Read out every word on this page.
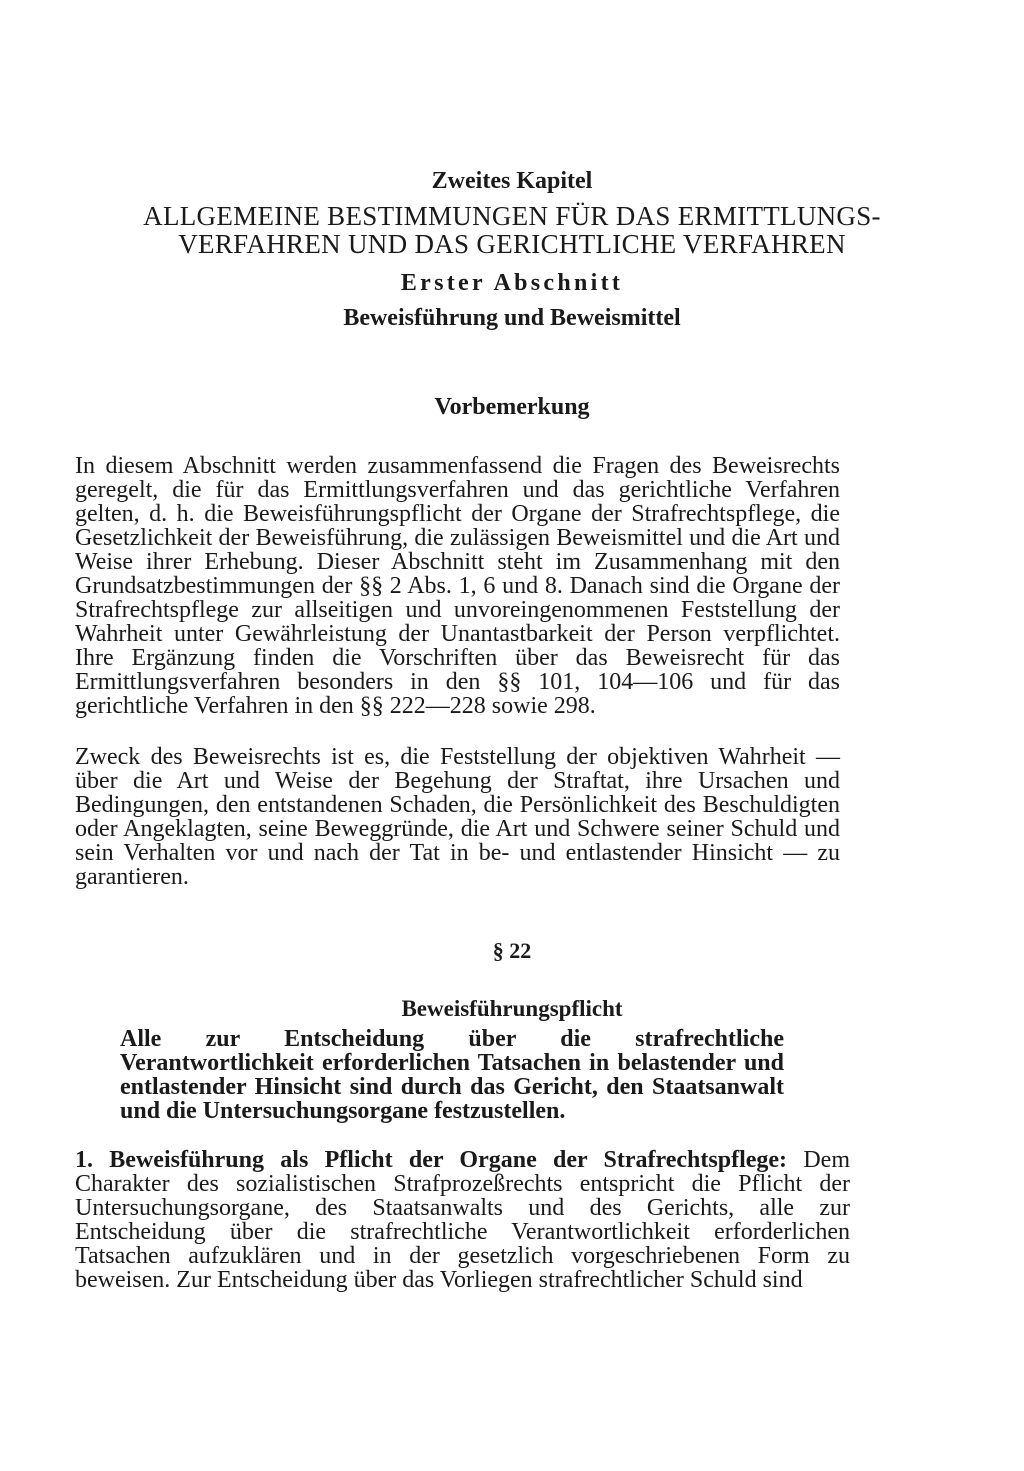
Zweites Kapitel
ALLGEMEINE BESTIMMUNGEN FÜR DAS ERMITTLUNGS-
VERFAHREN UND DAS GERICHTLICHE VERFAHREN
Erster Abschnitt
Beweisführung und Beweismittel
Vorbemerkung

In diesem Abschnitt werden zusammenfassend die Fragen des Beweisrechts geregelt, die für das Ermittlungsverfahren und das gerichtliche Verfahren gelten, d. h. die Beweisführungspflicht der Organe der Strafrechtspflege, die Gesetzlichkeit der Beweisführung, die zulässigen Beweismittel und die Art und Weise ihrer Erhebung. Dieser Abschnitt steht im Zusammenhang mit den Grundsatzbestimmungen der §§ 2 Abs. 1, 6 und 8. Danach sind die Organe der Strafrechtspflege zur allseitigen und unvoreingenommenen Feststellung der Wahrheit unter Gewährleistung der Unantastbarkeit der Person verpflichtet. Ihre Ergänzung finden die Vorschriften über das Beweisrecht für das Ermittlungsverfahren besonders in den §§ 101, 104—106 und für das gerichtliche Verfahren in den §§ 222—228 sowie 298.

Zweck des Beweisrechts ist es, die Feststellung der objektiven Wahrheit — über die Art und Weise der Begehung der Straftat, ihre Ursachen und Bedingungen, den entstandenen Schaden, die Persönlichkeit des Beschuldigten oder Angeklagten, seine Beweggründe, die Art und Schwere seiner Schuld und sein Verhalten vor und nach der Tat in be- und entlastender Hinsicht — zu garantieren.

§ 22
Beweisführungspflicht

Alle zur Entscheidung über die strafrechtliche Verantwortlichkeit erforderlichen Tatsachen in belastender und entlastender Hinsicht sind durch das Gericht, den Staatsanwalt und die Untersuchungsorgane festzustellen.

1. Beweisführung als Pflicht der Organe der Strafrechtspflege: Dem Charakter des sozialistischen Strafprozeßrechts entspricht die Pflicht der Untersuchungsorgane, des Staatsanwalts und des Gerichts, alle zur Entscheidung über die strafrechtliche Verantwortlichkeit erforderlichen Tatsachen aufzuklären und in der gesetzlich vorgeschriebenen Form zu beweisen. Zur Entscheidung über das Vorliegen strafrechtlicher Schuld sind
